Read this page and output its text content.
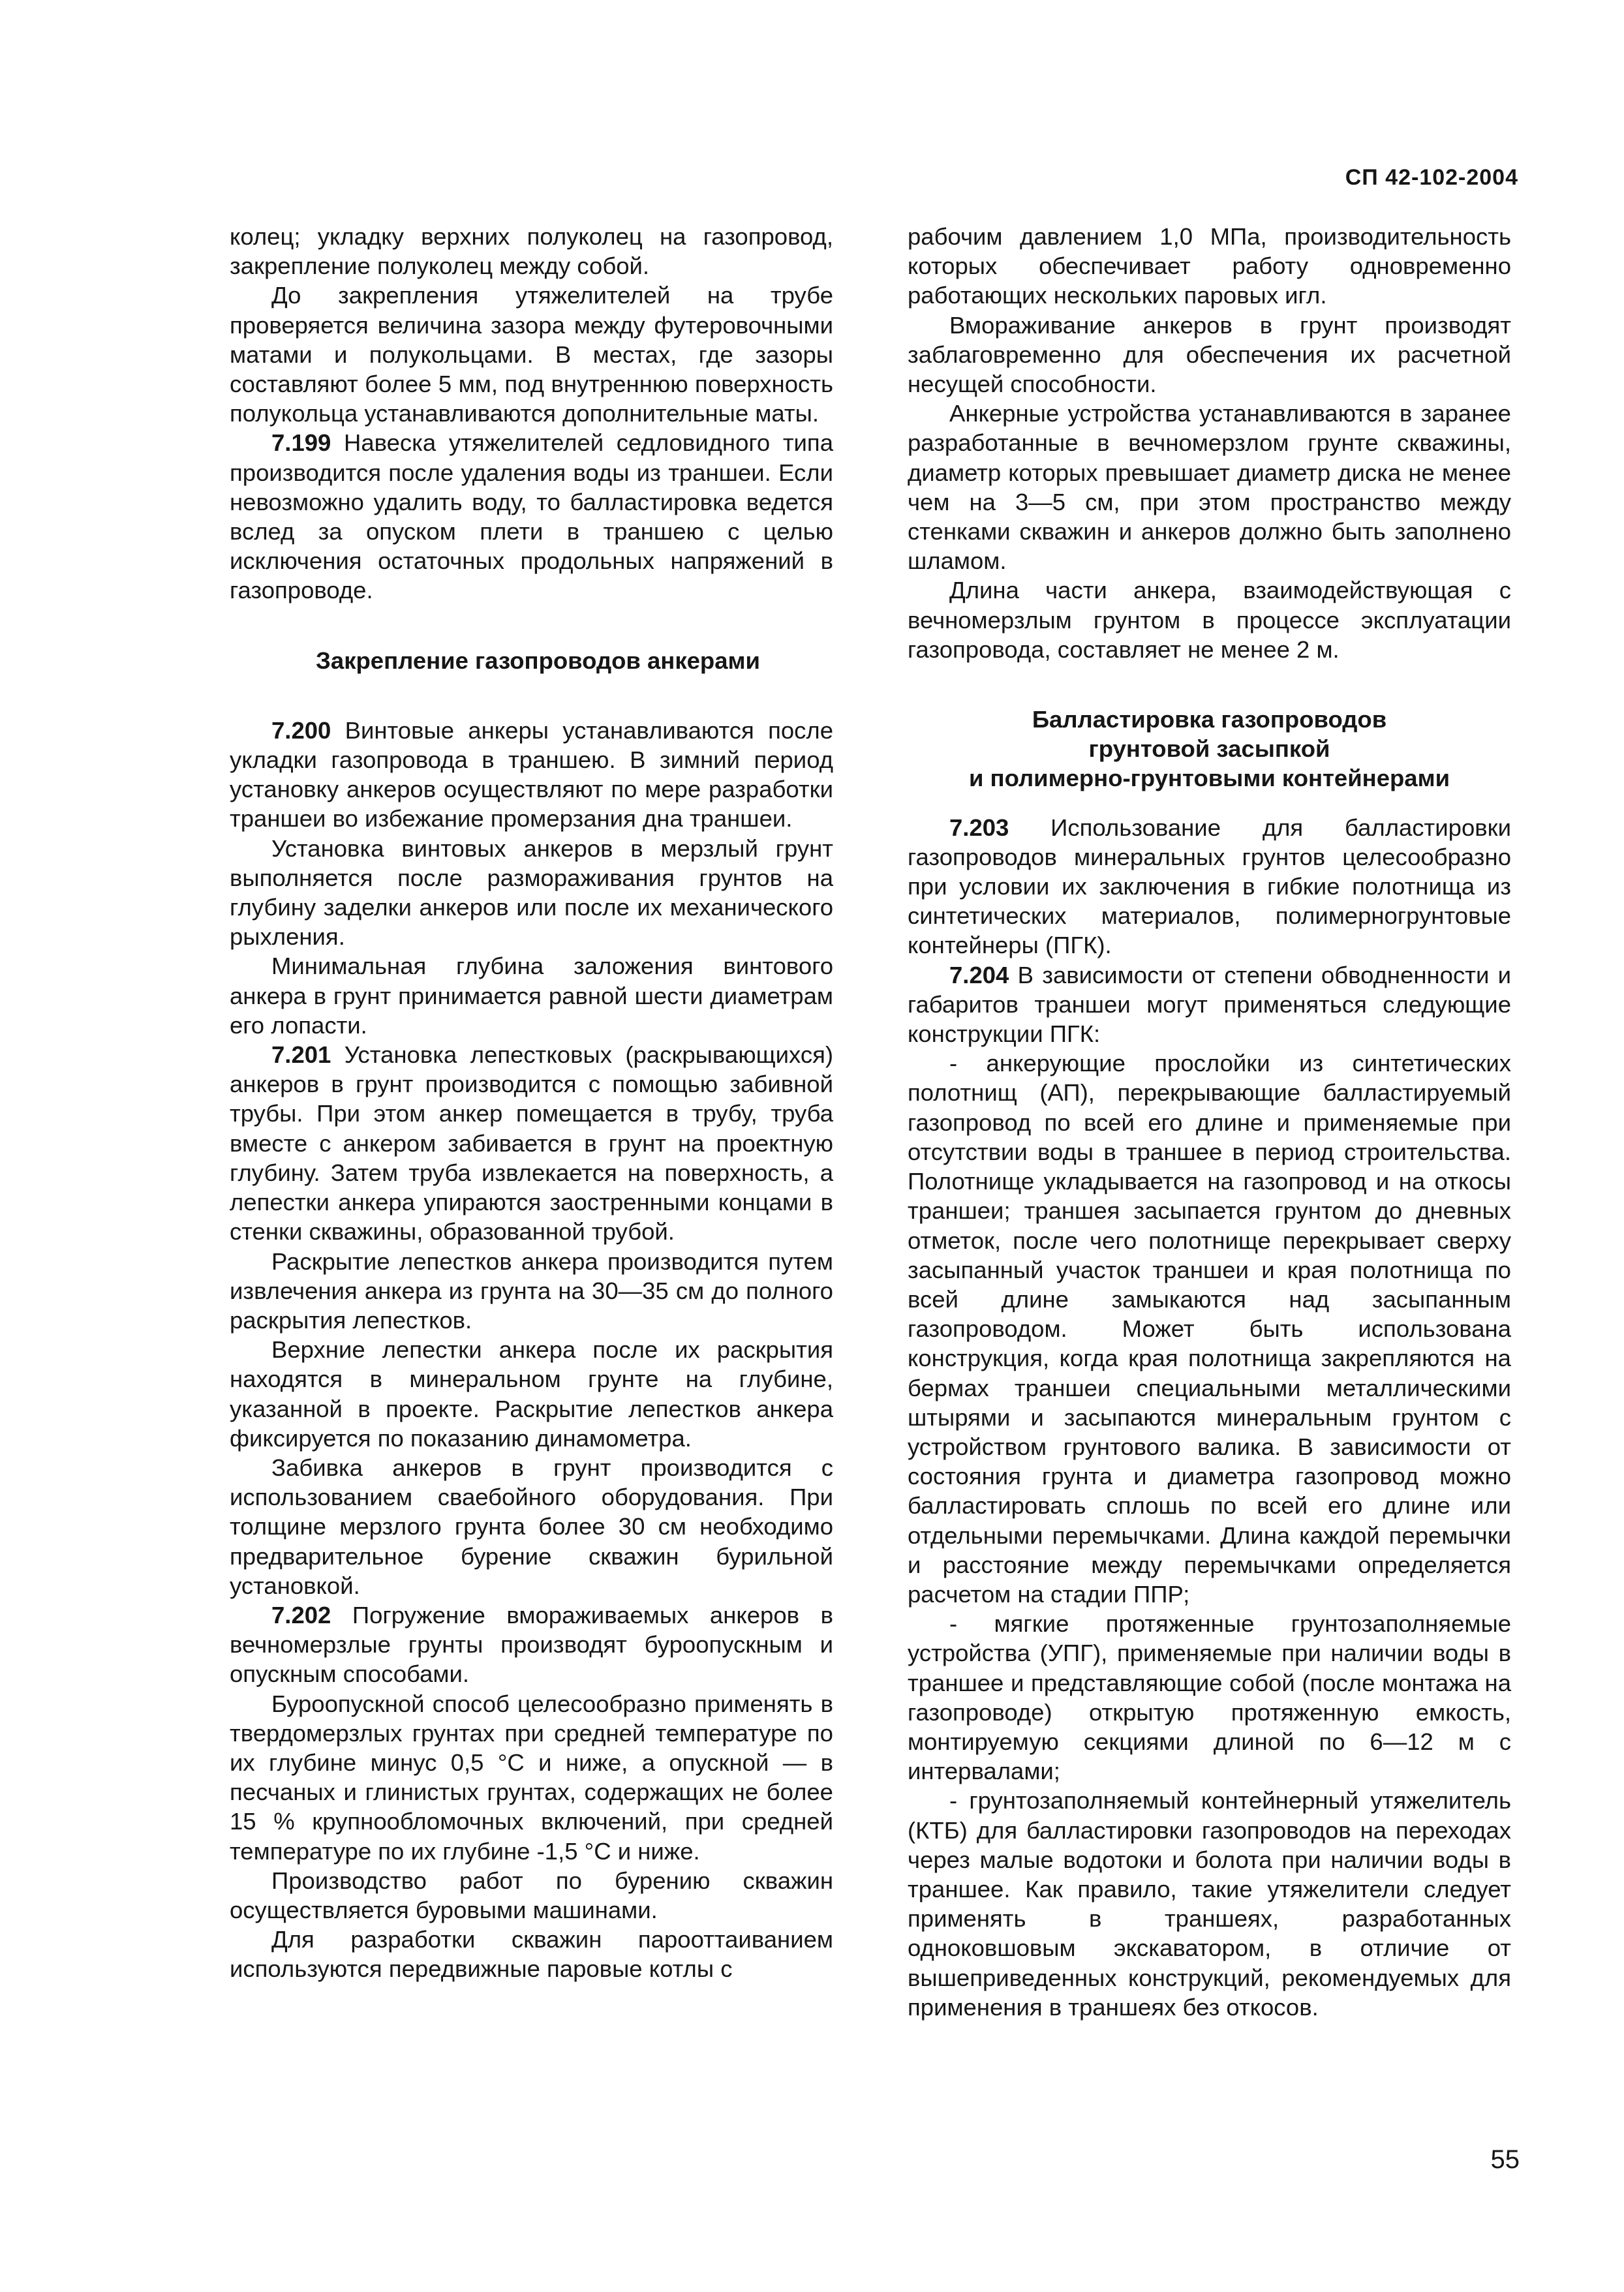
СП 42-102-2004

колец; укладку верхних полуколец на газопровод, закрепление полуколец между собой.

До закрепления утяжелителей на трубе проверяется величина зазора между футеровочными матами и полукольцами. В местах, где зазоры составляют более 5 мм, под внутреннюю поверхность полукольца устанавливаются дополнительные маты.

7.199 Навеска утяжелителей седловидного типа производится после удаления воды из траншеи. Если невозможно удалить воду, то балластировка ведется вслед за опуском плети в траншею с целью исключения остаточных продольных напряжений в газопроводе.

Закрепление газопроводов анкерами

7.200 Винтовые анкеры устанавливаются после укладки газопровода в траншею. В зимний период установку анкеров осуществляют по мере разработки траншеи во избежание промерзания дна траншеи.

Установка винтовых анкеров в мерзлый грунт выполняется после размораживания грунтов на глубину заделки анкеров или после их механического рыхления.

Минимальная глубина заложения винтового анкера в грунт принимается равной шести диаметрам его лопасти.

7.201 Установка лепестковых (раскрывающихся) анкеров в грунт производится с помощью забивной трубы. При этом анкер помещается в трубу, труба вместе с анкером забивается в грунт на проектную глубину. Затем труба извлекается на поверхность, а лепестки анкера упираются заостренными концами в стенки скважины, образованной трубой.

Раскрытие лепестков анкера производится путем извлечения анкера из грунта на 30—35 см до полного раскрытия лепестков.

Верхние лепестки анкера после их раскрытия находятся в минеральном грунте на глубине, указанной в проекте. Раскрытие лепестков анкера фиксируется по показанию динамометра.

Забивка анкеров в грунт производится с использованием сваебойного оборудования. При толщине мерзлого грунта более 30 см необходимо предварительное бурение скважин бурильной установкой.

7.202 Погружение вмораживаемых анкеров в вечномерзлые грунты производят буроопускным и опускным способами.

Буроопускной способ целесообразно применять в твердомерзлых грунтах при средней температуре по их глубине минус 0,5 °С и ниже, а опускной — в песчаных и глинистых грунтах, содержащих не более 15 % крупнообломочных включений, при средней температуре по их глубине -1,5 °С и ниже.

Производство работ по бурению скважин осуществляется буровыми машинами.

Для разработки скважин парооттаиванием используются передвижные паровые котлы с

рабочим давлением 1,0 МПа, производительность которых обеспечивает работу одновременно работающих нескольких паровых игл.

Вмораживание анкеров в грунт производят заблаговременно для обеспечения их расчетной несущей способности.

Анкерные устройства устанавливаются в заранее разработанные в вечномерзлом грунте скважины, диаметр которых превышает диаметр диска не менее чем на 3—5 см, при этом пространство между стенками скважин и анкеров должно быть заполнено шламом.

Длина части анкера, взаимодействующая с вечномерзлым грунтом в процессе эксплуатации газопровода, составляет не менее 2 м.

Балластировка газопроводов
грунтовой засыпкой
и полимерно-грунтовыми контейнерами

7.203 Использование для балластировки газопроводов минеральных грунтов целесообразно при условии их заключения в гибкие полотнища из синтетических материалов, полимерногрунтовые контейнеры (ПГК).

7.204 В зависимости от степени обводненности и габаритов траншеи могут применяться следующие конструкции ПГК:

- анкерующие прослойки из синтетических полотнищ (АП), перекрывающие балластируемый газопровод по всей его длине и применяемые при отсутствии воды в траншее в период строительства. Полотнище укладывается на газопровод и на откосы траншеи; траншея засыпается грунтом до дневных отметок, после чего полотнище перекрывает сверху засыпанный участок траншеи и края полотнища по всей длине замыкаются над засыпанным газопроводом. Может быть использована конструкция, когда края полотнища закрепляются на бермах траншеи специальными металлическими штырями и засыпаются минеральным грунтом с устройством грунтового валика. В зависимости от состояния грунта и диаметра газопровод можно балластировать сплошь по всей его длине или отдельными перемычками. Длина каждой перемычки и расстояние между перемычками определяется расчетом на стадии ППР;

- мягкие протяженные грунтозаполняемые устройства (УПГ), применяемые при наличии воды в траншее и представляющие собой (после монтажа на газопроводе) открытую протяженную емкость, монтируемую секциями длиной по 6—12 м с интервалами;

- грунтозаполняемый контейнерный утяжелитель (КТБ) для балластировки газопроводов на переходах через малые водотоки и болота при наличии воды в траншее. Как правило, такие утяжелители следует применять в траншеях, разработанных одноковшовым экскаватором, в отличие от вышеприведенных конструкций, рекомендуемых для применения в траншеях без откосов.

55
